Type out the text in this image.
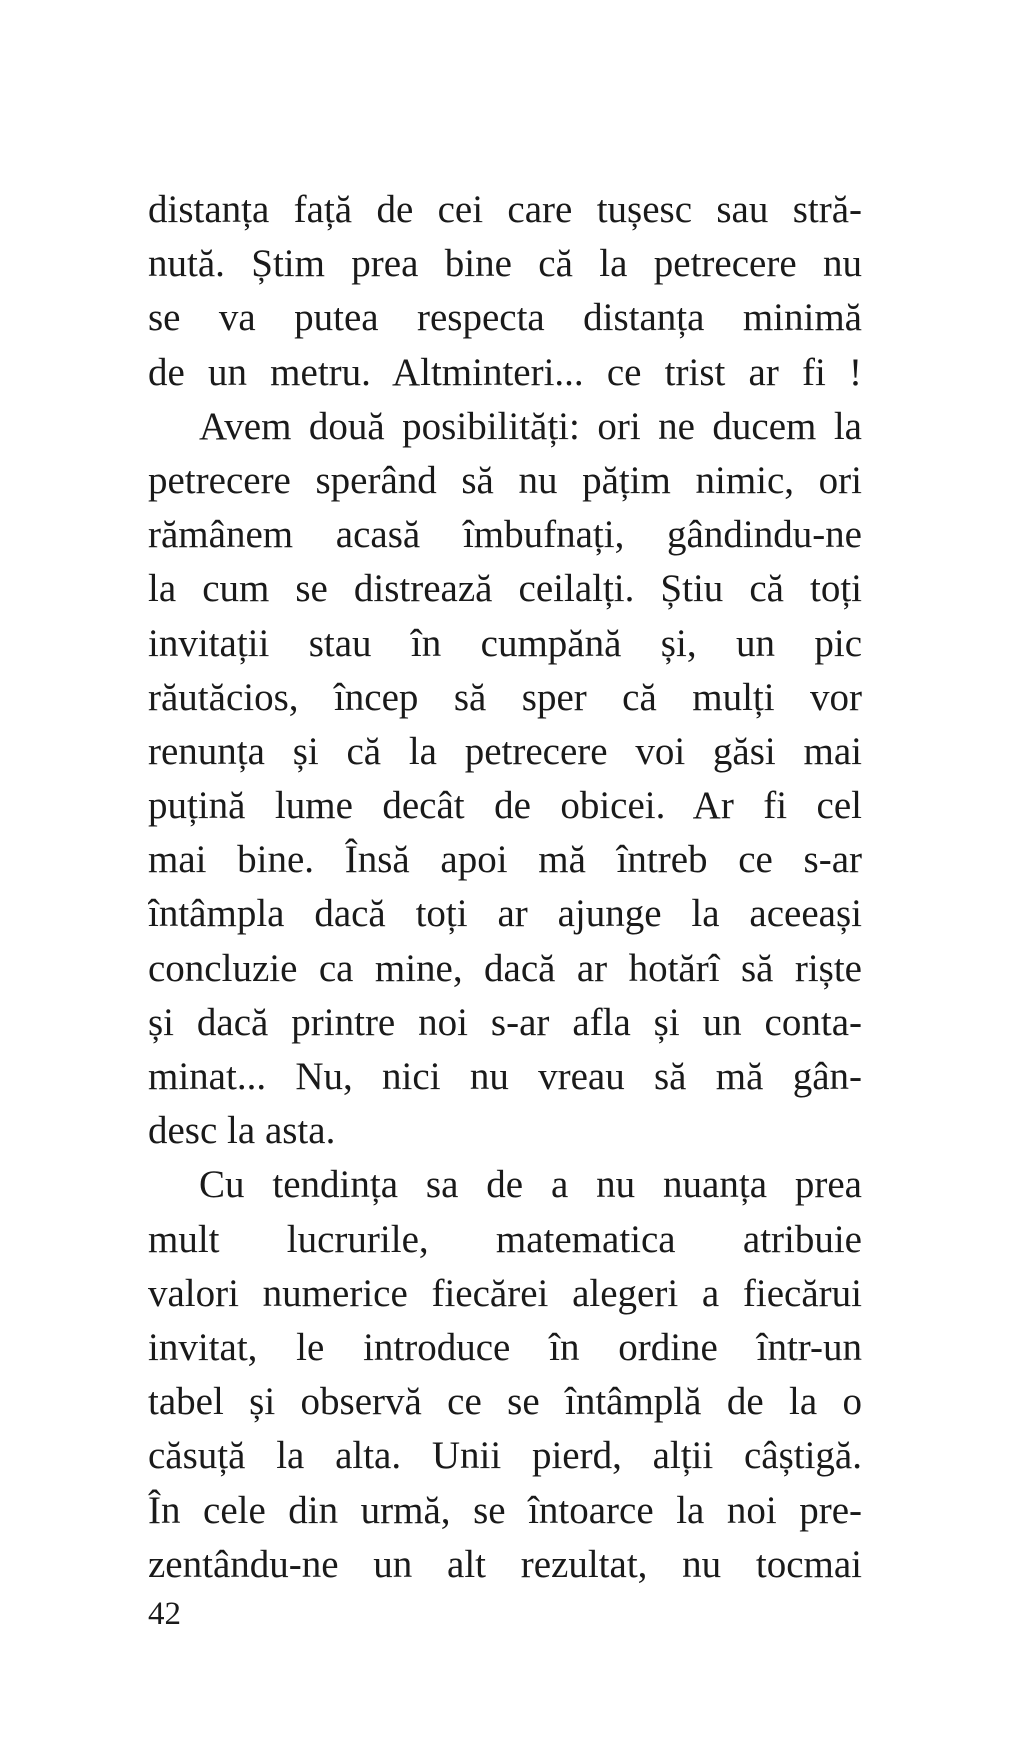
distanța față de cei care tușesc sau stră-
nută. Știm prea bine că la petrecere nu
se va putea respecta distanța minimă
de un metru. Altminteri... ce trist ar fi !
Avem două posibilități: ori ne ducem la
petrecere sperând să nu pățim nimic, ori
rămânem acasă îmbufnați, gândindu-ne
la cum se distrează ceilalți. Știu că toți
invitații stau în cumpănă și, un pic
răutăcios, încep să sper că mulți vor
renunța și că la petrecere voi găsi mai
puțină lume decât de obicei. Ar fi cel
mai bine. Însă apoi mă întreb ce s-ar
întâmpla dacă toți ar ajunge la aceeași
concluzie ca mine, dacă ar hotărî să riște
și dacă printre noi s-ar afla și un conta-
minat... Nu, nici nu vreau să mă gân-
desc la asta.
Cu tendința sa de a nu nuanța prea
mult lucrurile, matematica atribuie
valori numerice fiecărei alegeri a fiecărui
invitat, le introduce în ordine într-un
tabel și observă ce se întâmplă de la o
căsuță la alta. Unii pierd, alții câștigă.
În cele din urmă, se întoarce la noi pre-
zentându-ne un alt rezultat, nu tocmai
42
